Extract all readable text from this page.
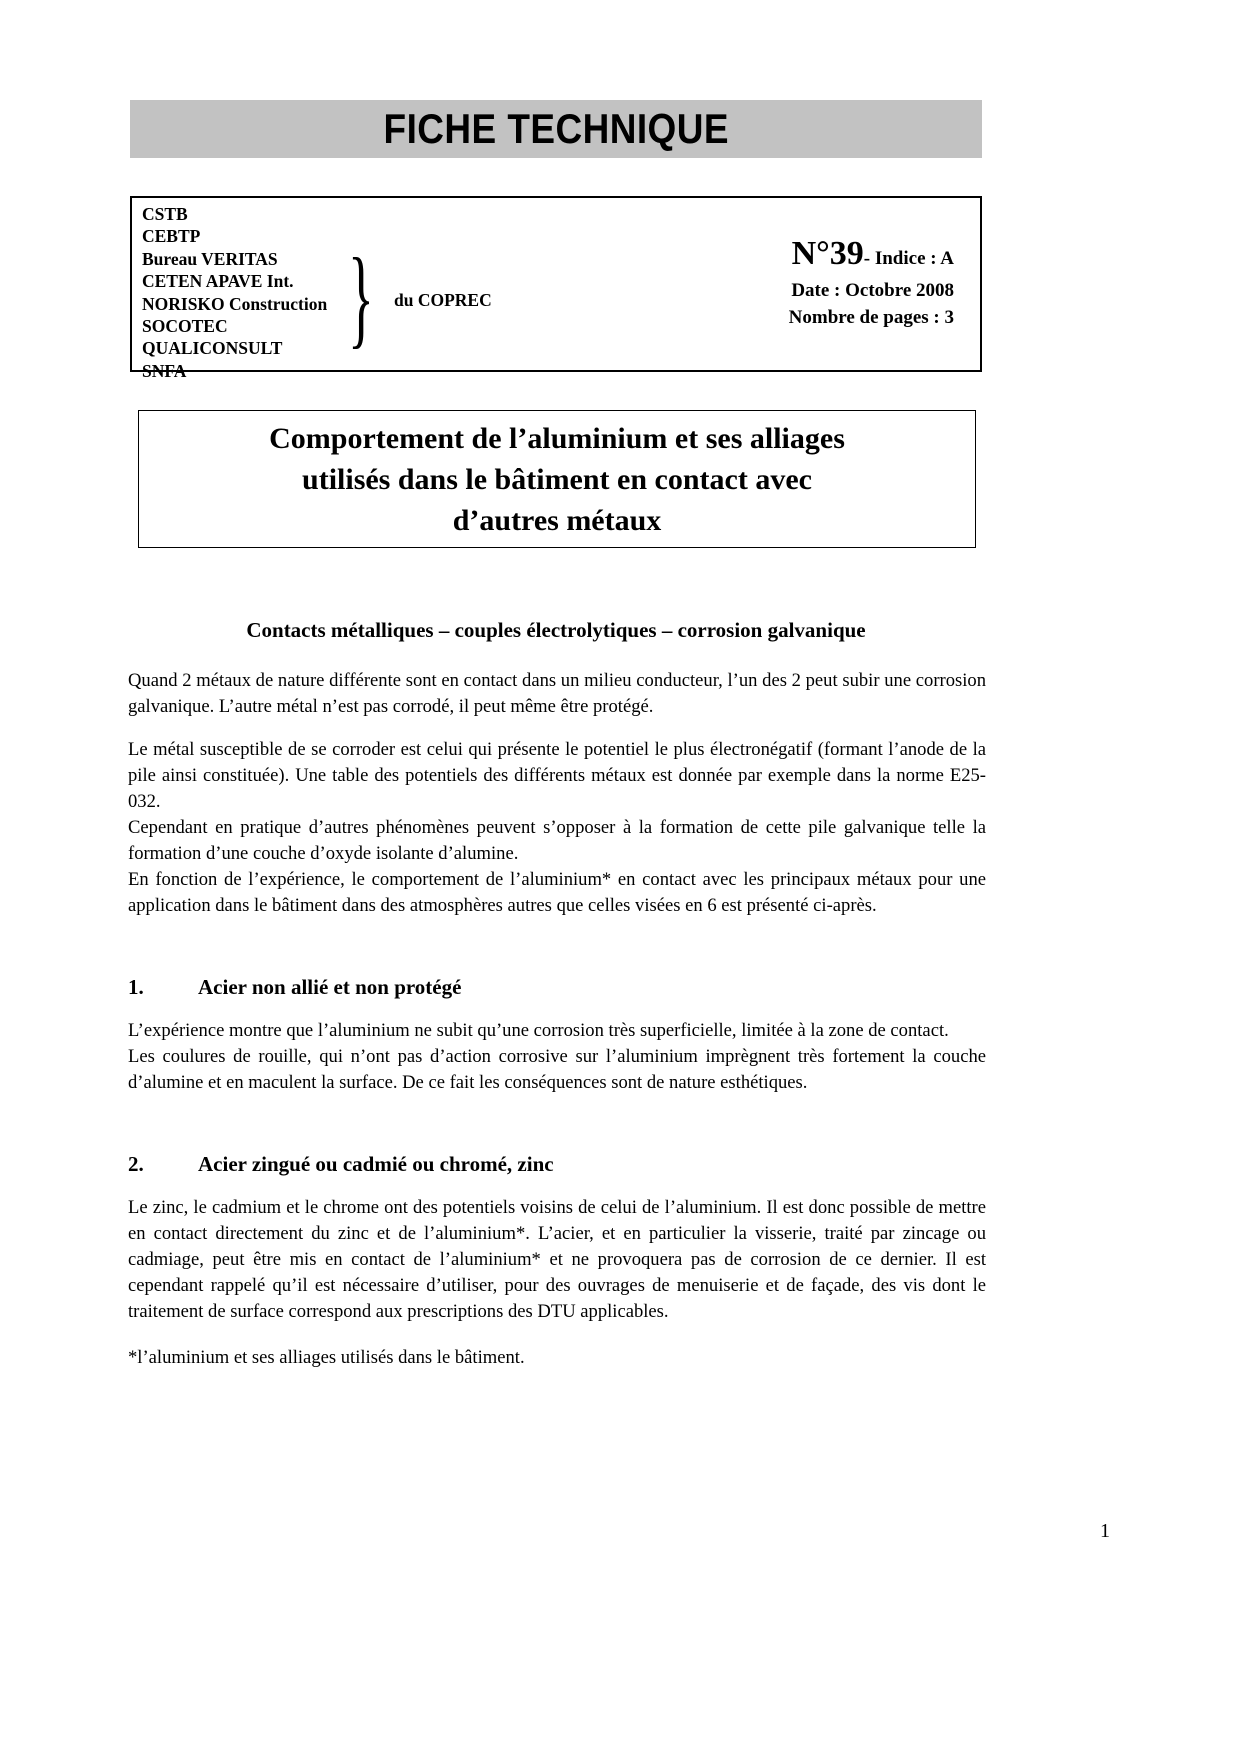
FICHE TECHNIQUE
CSTB
CEBTP
Bureau VERITAS
CETEN APAVE Int.
NORISKO Construction
SOCOTEC
QUALICONSULT
SNFA
} du COPREC
N°39- Indice : A
Date : Octobre 2008
Nombre de pages : 3
Comportement de l’aluminium et ses alliages
utilisés dans le bâtiment en contact avec
d’autres métaux
Contacts métalliques – couples électrolytiques – corrosion galvanique

Quand 2 métaux de nature différente sont en contact dans un milieu conducteur, l’un des 2 peut subir une corrosion galvanique. L’autre métal n’est pas corrodé, il peut même être protégé.

Le métal susceptible de se corroder est celui qui présente le potentiel le plus électronégatif (formant l’anode de la pile ainsi constituée). Une table des potentiels des différents métaux est donnée par exemple dans la norme E25-032.

Cependant en pratique d’autres phénomènes peuvent s’opposer à la formation de cette pile galvanique telle la formation d’une couche d’oxyde isolante d’alumine.

En fonction de l’expérience, le comportement de l’aluminium* en contact avec les principaux métaux pour une application dans le bâtiment dans des atmosphères autres que celles visées en 6 est présenté ci-après.

1.	Acier non allié et non protégé

L’expérience montre que l’aluminium ne subit qu’une corrosion très superficielle, limitée à la zone de contact.

Les coulures de rouille, qui n’ont pas d’action corrosive sur l’aluminium imprègnent très fortement la couche d’alumine et en maculent la surface. De ce fait les conséquences sont de nature esthétiques.

2.	Acier zingué ou cadmié ou chromé, zinc

Le zinc, le cadmium et le chrome ont des potentiels voisins de celui de l’aluminium. Il est donc possible de mettre en contact directement du zinc et de l’aluminium*. L’acier, et en particulier la visserie, traité par zincage ou cadmiage, peut être mis en contact de l’aluminium* et ne provoquera pas de corrosion de ce dernier. Il est cependant rappelé qu’il est nécessaire d’utiliser, pour des ouvrages de menuiserie et de façade, des vis dont le traitement de surface correspond aux prescriptions des DTU applicables.

*l’aluminium et ses alliages utilisés dans le bâtiment.

1
